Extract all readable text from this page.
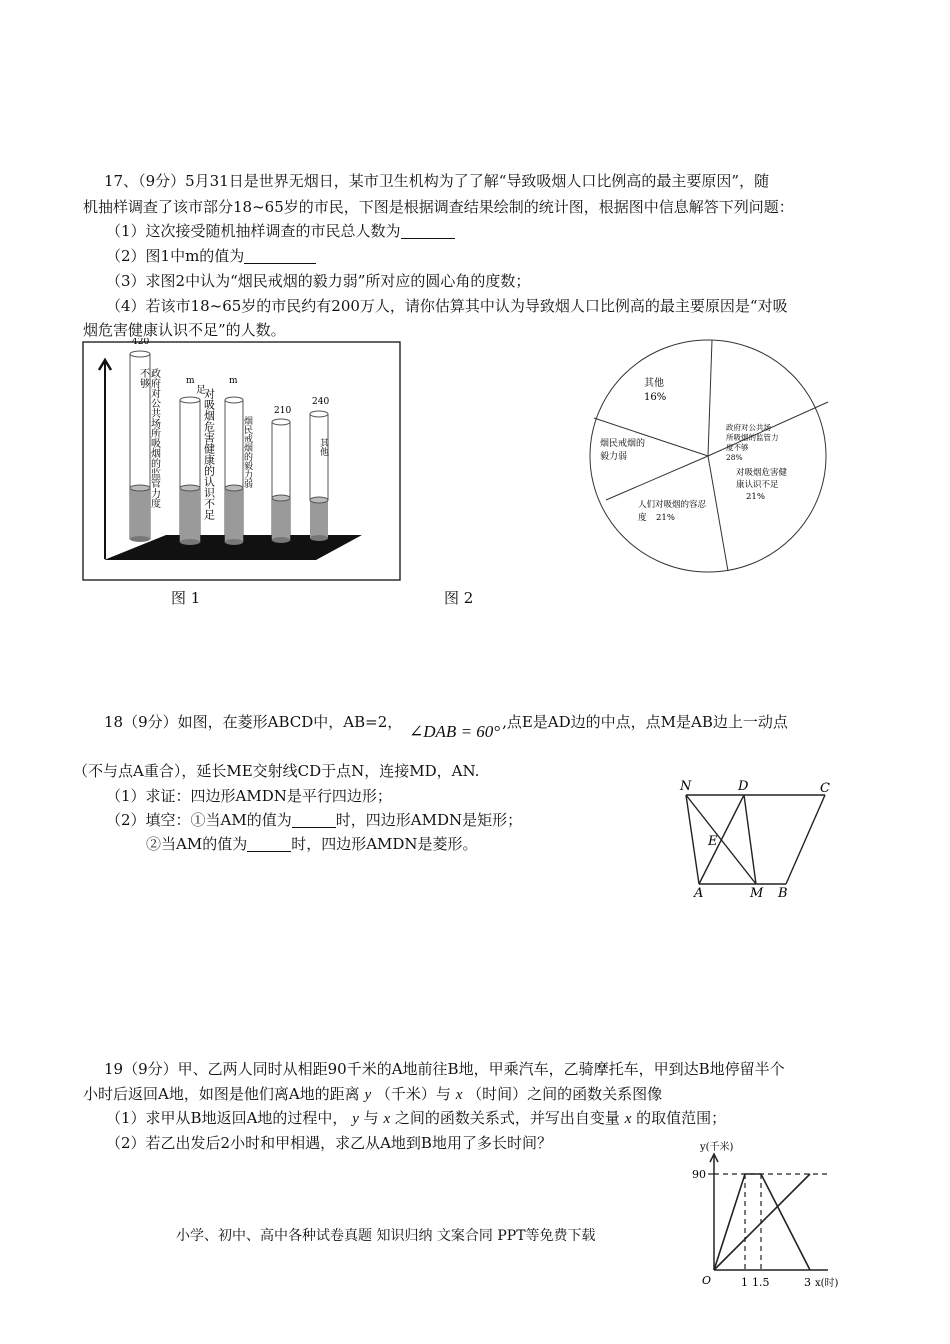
17、（9分）5月31日是世界无烟日，某市卫生机构为了了解“导致吸烟人口比例高的最主要原因”，随
机抽样调查了该市部分18~65岁的市民，下图是根据调查结果绘制的统计图，根据图中信息解答下列问题：
（1）这次接受随机抽样调查的市民总人数为
（2）图1中m的值为
（3）求图2中认为“烟民戒烟的毅力弱”所对应的圆心角的度数；
（4）若该市18~65岁的市民约有200万人，请你估算其中认为导致烟人口比例高的最主要原因是“对吸
烟危害健康认识不足”的人数。
420
不够 政府对公共场所吸烟的监管力度	m
足
对吸烟危害健康的认识不足
m
烟民戒烟的毅力弱
210
240
其他
图 1
其他
16%
政府对公共场
所吸烟的监管力
度不够
28%
对吸烟危害健
康认识不足
21%
人们对吸烟的容忍
度 21%
烟民戒烟的
毅力弱
图 2
18（9分）如图，在菱形ABCD中，AB=2， ∠DAB = 60° ,点E是AD边的中点，点M是AB边上一动点
（不与点A重合），延长ME交射线CD于点N，连接MD，AN.
（1）求证：四边形AMDN是平行四边形；
（2）填空：①当AM的值为	时，四边形AMDN是矩形；
②当AM的值为	时，四边形AMDN是菱形。
N	D	C
E
A	M B
19（9分）甲、乙两人同时从相距90千米的A地前往B地，甲乘汽车，乙骑摩托车，甲到达B地停留半个
小时后返回A地，如图是他们离A地的距离 y （千米）与 x （时间）之间的函数关系图像
（1）求甲从B地返回A地的过程中， y 与 x 之间的函数关系式，并写出自变量 x 的取值范围；
（2）若乙出发后2小时和甲相遇，求乙从A地到B地用了多长时间？	y(千米)
90
O	1 1.5	3 x(时)
小学、初中、高中各种试卷真题 知识归纳 文案合同 PPT等免费下载
